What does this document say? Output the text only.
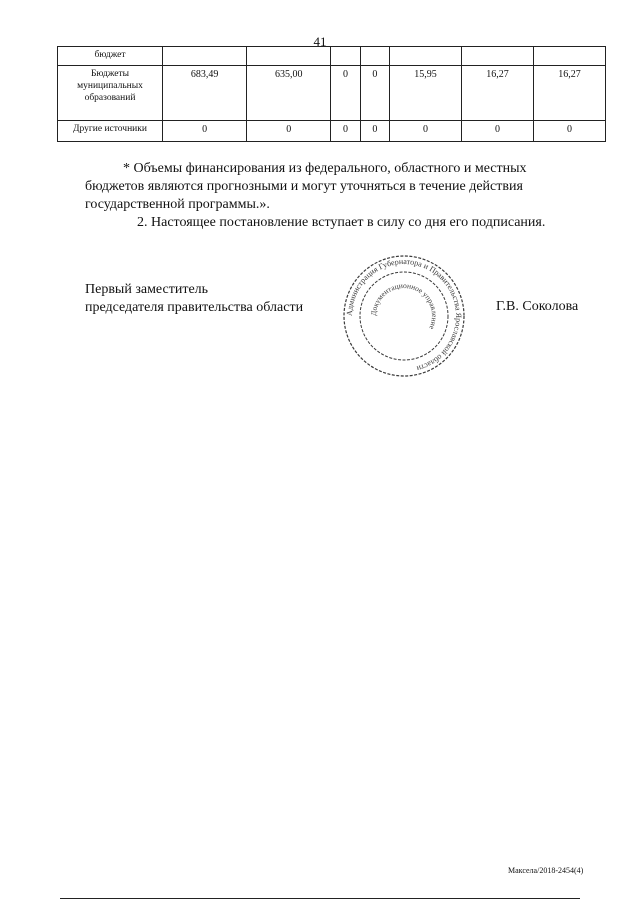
41
бюджет							
Бюджеты муниципальных образований	683,49	635,00	0	0	15,95	16,27	16,27
Другие источники	0	0	0	0	0	0	0
* Объемы финансирования из федерального, областного и местных
бюджетов являются прогнозными и могут уточняться в течение действия
государственной программы.».
2. Настоящее постановление вступает в силу со дня его подписания.
Первый заместитель
председателя правительства области	Администрация Губернатора и Правительства Ярославской области
Документационное управление
Г.В. Соколова
Максела/2018-2454(4)
